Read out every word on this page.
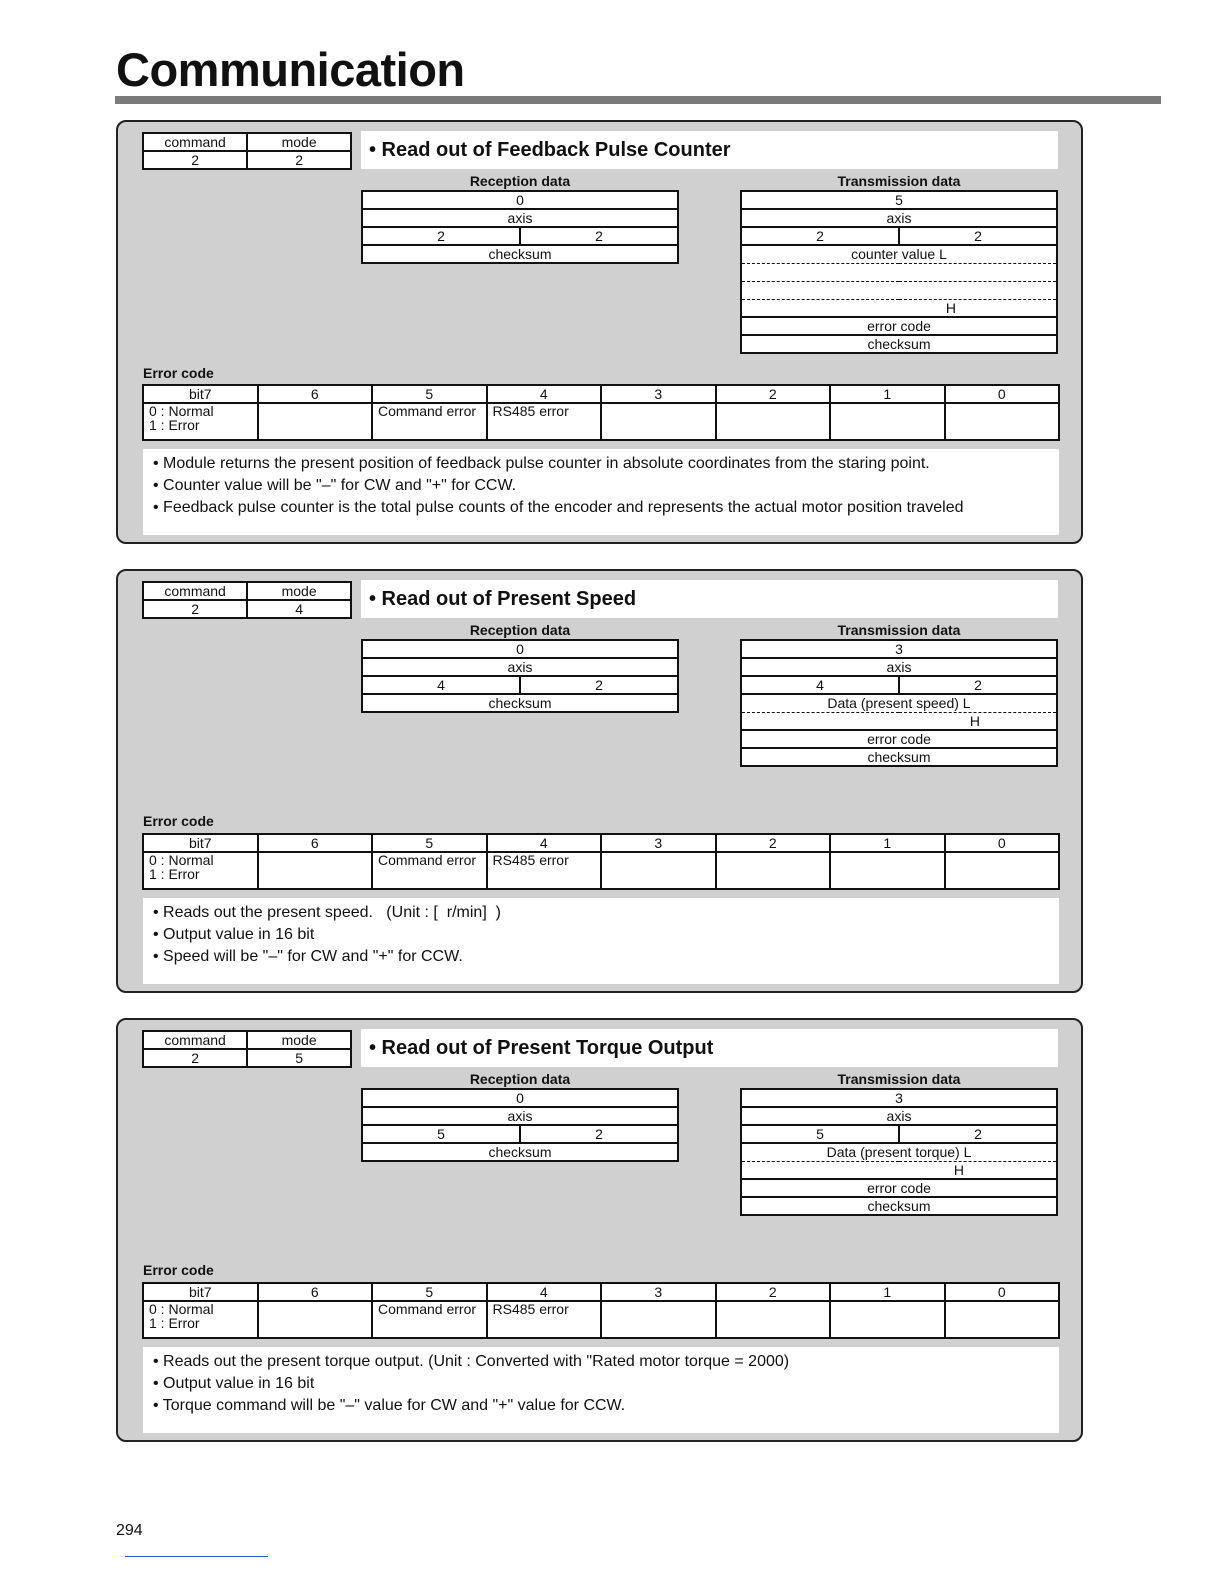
Communication
command	mode
2	2	• Read out of Feedback Pulse Counter
Reception data
0
axis
2	2
checksum
Transmission data
5
axis
2	2
counter value L

H
error code
checksum
Error code
bit7	6	5	4	3	2	1	0
0 : Normal
1 : Error		Command error	RS485 error				
• Module returns the present position of feedback pulse counter in absolute coordinates from the staring point.
• Counter value will be "–" for CW and "+" for CCW.
• Feedback pulse counter is the total pulse counts of the encoder and represents the actual motor position traveled
command	mode
2	4	• Read out of Present Speed
Reception data
0
axis
4	2
checksum
Transmission data
3
axis
4	2
Data (present speed) L
H
error code
checksum
Error code
bit7	6	5	4	3	2	1	0
0 : Normal
1 : Error		Command error	RS485 error				
• Reads out the present speed.   (Unit : [  r/min]  )
• Output value in 16 bit
• Speed will be "–" for CW and "+" for CCW.
command	mode
2	5	• Read out of Present Torque Output
Reception data
0
axis
5	2
checksum
Transmission data
3
axis
5	2
Data (present torque) L
H
error code
checksum
Error code
bit7	6	5	4	3	2	1	0
0 : Normal
1 : Error		Command error	RS485 error				
• Reads out the present torque output. (Unit : Converted with "Rated motor torque = 2000)
• Output value in 16 bit
• Torque command will be "–" value for CW and "+" value for CCW.
294
